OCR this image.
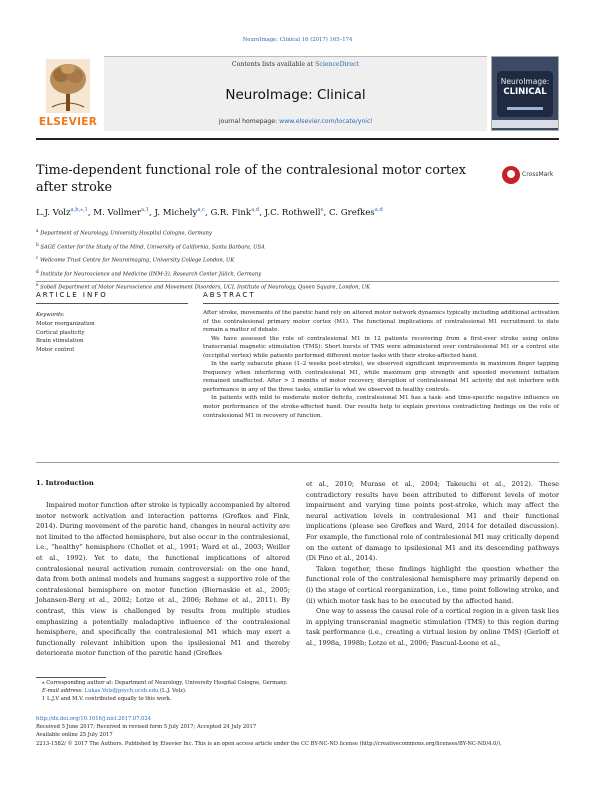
NeuroImage: Clinical 16 (2017) 165–174
ELSEVIER
Contents lists available at ScienceDirect
NeuroImage: Clinical
journal homepage: www.elsevier.com/locate/ynicl
NeuroImage:
CLINICAL
Time-dependent functional role of the contralesional motor cortex after stroke
CrossMark
L.J. Volz$^{a,b,⁎,1}$, M. Vollmer$^{a,1}$, J. Michely$^{a,c}$, G.R. Fink$^{a,d}$, J.C. Rothwell$^e$, C. Grefkes$^{a,d}$
$^a$ Department of Neurology, University Hospital Cologne, Germany
$^b$ SAGE Center for the Study of the Mind, University of California, Santa Barbara, USA
$^c$ Wellcome Trust Centre for Neuroimaging, University College London, UK
$^d$ Institute for Neuroscience and Medicine (INM-3), Research Center Jülich, Germany
$^e$ Sobell Department of Motor Neuroscience and Movement Disorders, UCL Institute of Neurology, Queen Square, London, UK
ARTICLE INFO	ABSTRACT
Keywords:
Motor reorganization
Cortical plasticity
Brain stimulation
Motor control

After stroke, movements of the paretic hand rely on altered motor network dynamics typically including additional activation of the contralesional primary motor cortex (M1). The functional implications of contralesional M1 recruitment to date remain a matter of debate.

We have assessed the role of contralesional M1 in 12 patients recovering from a first-ever stroke using online transcranial magnetic stimulation (TMS): Short bursts of TMS were administered over contralesional M1 or a control site (occipital vertex) while patients performed different motor tasks with their stroke-affected hand.

In the early subacute phase (1–2 weeks post-stroke), we observed significant improvements in maximum finger tapping frequency when interfering with contralesional M1, while maximum grip strength and speeded movement initiation remained unaffected. After > 3 months of motor recovery, disruption of contralesional M1 activity did not interfere with performance in any of the three tasks, similar to what we observed in healthy controls.

In patients with mild to moderate motor deficits, contralesional M1 has a task- and time-specific negative influence on motor performance of the stroke-affected hand. Our results help to explain previous contradicting findings on the role of contralesional M1 in recovery of function.

1. Introduction

Impaired motor function after stroke is typically accompanied by altered motor network activation and interaction patterns (Grefkes and Fink, 2014). During movement of the paretic hand, changes in neural activity are not limited to the affected hemisphere, but also occur in the contralesional, i.e., “healthy” hemisphere (Chollet et al., 1991; Ward et al., 2003; Weiller et al., 1992). Yet to date, the functional implications of altered contralesional neural activation remain controversial: on the one hand, data from both animal models and humans suggest a supportive role of the contralesional hemisphere on motor function (Biernaskie et al., 2005; Johansen-Berg et al., 2002; Lotze et al., 2006; Rehme et al., 2011). By contrast, this view is challenged by results from multiple studies emphasizing a potentially maladaptive influence of the contralesional hemisphere, and specifically the contralesional M1 which may exert a functionally relevant inhibition upon the ipsilesional M1 and thereby deteriorate motor function of the paretic hand (Grefkes

et al., 2010; Murase et al., 2004; Takeuchi et al., 2012). These contradictory results have been attributed to different levels of motor impairment and varying time points post-stroke, which may affect the neural activation levels in contralesional M1 and their functional implications (please see Grefkes and Ward, 2014 for detailed discussion). For example, the functional role of contralesional M1 may critically depend on the extent of damage to ipsilesional M1 and its descending pathways (Di Pino et al., 2014).

Taken together, these findings highlight the question whether the functional role of the contralesional hemisphere may primarily depend on (i) the stage of cortical reorganization, i.e., time point following stroke, and (ii) which motor task has to be executed by the affected hand.

One way to assess the causal role of a cortical region in a given task lies in applying transcranial magnetic stimulation (TMS) to this region during task performance (i.e., creating a virtual lesion by online TMS) (Gerloff et al., 1998a, 1998b; Lotze et al., 2006; Pascual-Leone et al.,

⁎ Corresponding author at: Department of Neurology, University Hospital Cologne, Germany.
E-mail address: Lukas.Volz@psych.ucsb.edu (L.J. Volz).
1 L.J.V and M.V. contributed equally to this work.
http://dx.doi.org/10.1016/j.nicl.2017.07.024
Received 5 June 2017; Received in revised form 5 July 2017; Accepted 24 July 2017
Available online 25 July 2017
2213-1582/ © 2017 The Authors. Published by Elsevier Inc. This is an open access article under the CC BY-NC-ND license (http://creativecommons.org/licenses/BY-NC-ND/4.0/).
